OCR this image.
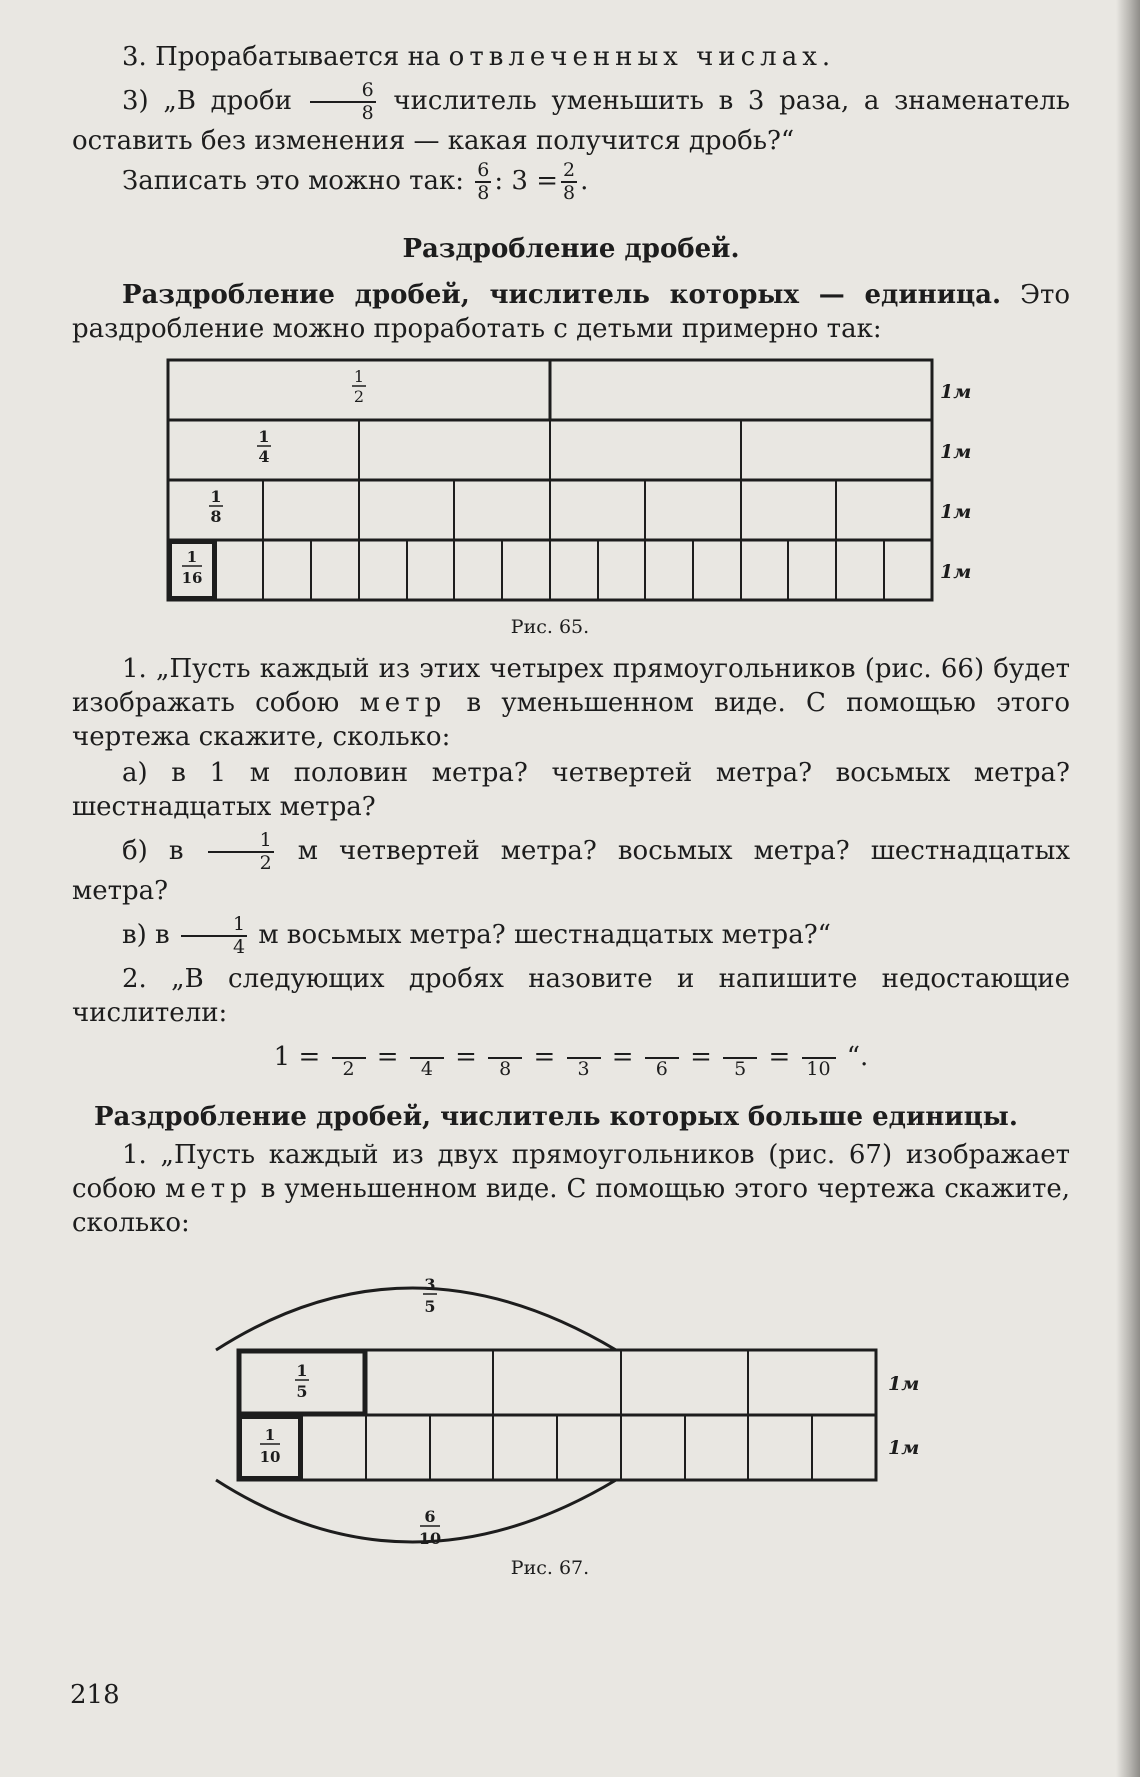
3. Прорабатывается на отвлеченных числах.

3) „В дроби $\frac{6}{8}$ числитель уменьшить в 3 раза, а знаменатель оставить без изменения — какая получится дробь?“

Записать это можно так: $\frac{6}{8}$ : $3 = \frac{2}{8}$ .

Раздробление дробей.

Раздробление дробей, числитель которых — единица. Это раздробление можно проработать с детьми примерно так:

1
2
1
4
1
8
1
16
1м
1м
1м
1м
Рис. 65.

1. „Пусть каждый из этих четырех прямоугольников (рис. 66) будет изображать собою метр в уменьшенном виде. С помощью этого чертежа скажите, сколько:

а) в 1 м половин метра? четвертей метра? восьмых метра? шестнадцатых метра?

б) в $\frac{1}{2}$ м четвертей метра? восьмых метра? шестнадцатых метра?

в) в $\frac{1}{4}$ м восьмых метра? шестнадцатых метра?“

2. „В следующих дробях назовите и напишите недостающие числители:

1 =	2 =	4 =	8 =	3 =	6 =	5 = 10 “.
Раздробление дробей, числитель которых больше единицы.

1. „Пусть каждый из двух прямоугольников (рис. 67) изображает собою метр в уменьшенном виде. С помощью этого чертежа скажите, сколько:

3
5
1
5
1
10
6
10
1м
1м
Рис. 67.
218
